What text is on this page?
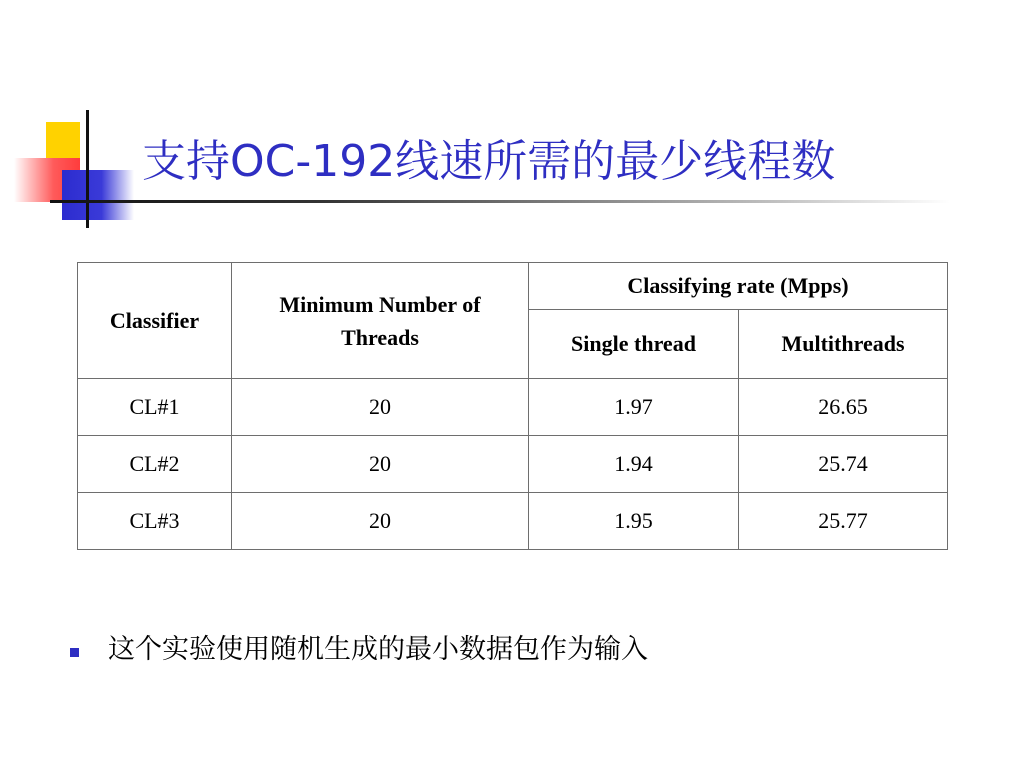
支持OC-192线速所需的最少线程数
Classifier	Minimum Number of Threads	Classifying rate (Mpps)	
		Single thread	Multithreads
CL#1	20	1.97	26.65
CL#2	20	1.94	25.74
CL#3	20	1.95	25.77
这个实验使用随机生成的最小数据包作为输入
